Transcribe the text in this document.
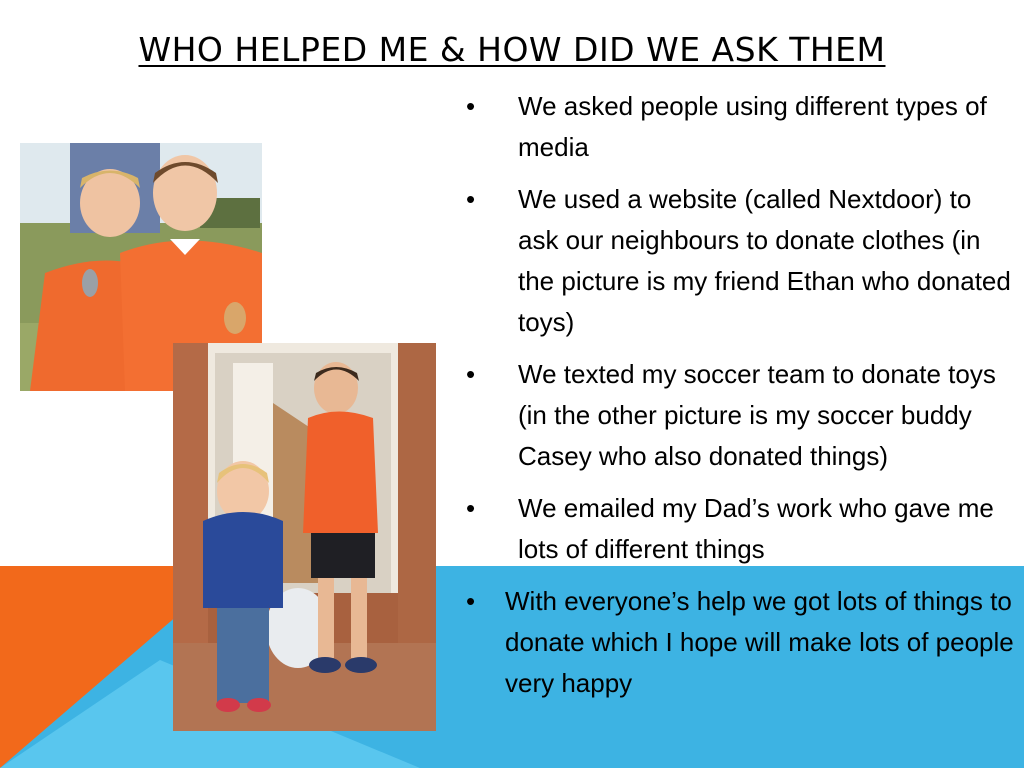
WHO HELPED ME & HOW DID WE ASK THEM
• We asked people using different types of media
• We used a website (called Nextdoor) to ask our neighbours to donate clothes (in the picture is my friend Ethan who donated toys)
• We texted my soccer team to donate toys (in the other picture is my soccer buddy Casey who also donated things)
• We emailed my Dad’s work who gave me lots of different things
• With everyone’s help we got lots of things to donate which I hope will make lots of people very happy
